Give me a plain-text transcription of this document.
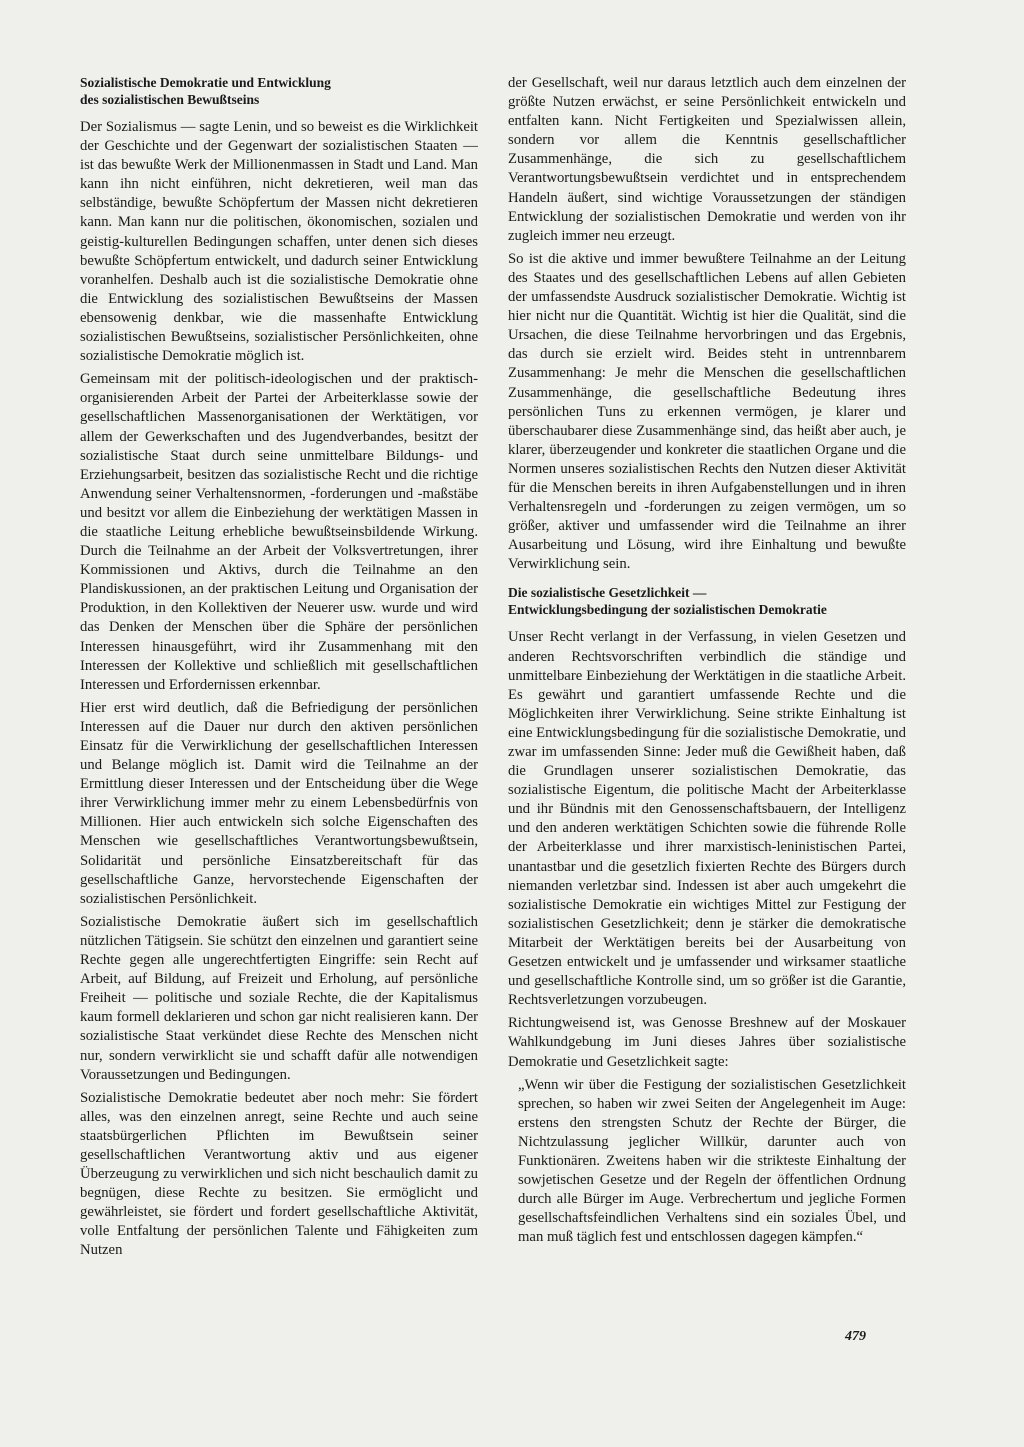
Sozialistische Demokratie und Entwicklung
des sozialistischen Bewußtseins

Der Sozialismus — sagte Lenin, und so beweist es die Wirklichkeit der Geschichte und der Gegenwart der sozialistischen Staaten — ist das bewußte Werk der Millionenmassen in Stadt und Land. Man kann ihn nicht einführen, nicht dekretieren, weil man das selbständige, bewußte Schöpfertum der Massen nicht dekretieren kann. Man kann nur die politischen, ökonomischen, sozialen und geistig-kulturellen Bedingungen schaffen, unter denen sich dieses bewußte Schöpfertum entwickelt, und dadurch seiner Entwicklung voranhelfen. Deshalb auch ist die sozialistische Demokratie ohne die Entwicklung des sozialistischen Bewußtseins der Massen ebensowenig denkbar, wie die massenhafte Entwicklung sozialistischen Bewußtseins, sozialistischer Persönlichkeiten, ohne sozialistische Demokratie möglich ist.

Gemeinsam mit der politisch-ideologischen und der praktisch-organisierenden Arbeit der Partei der Arbeiterklasse sowie der gesellschaftlichen Massenorganisationen der Werktätigen, vor allem der Gewerkschaften und des Jugendverbandes, besitzt der sozialistische Staat durch seine unmittelbare Bildungs- und Erziehungsarbeit, besitzen das sozialistische Recht und die richtige Anwendung seiner Verhaltensnormen, -forderungen und -maßstäbe und besitzt vor allem die Einbeziehung der werktätigen Massen in die staatliche Leitung erhebliche bewußtseinsbildende Wirkung. Durch die Teilnahme an der Arbeit der Volksvertretungen, ihrer Kommissionen und Aktivs, durch die Teilnahme an den Plandiskussionen, an der praktischen Leitung und Organisation der Produktion, in den Kollektiven der Neuerer usw. wurde und wird das Denken der Menschen über die Sphäre der persönlichen Interessen hinausgeführt, wird ihr Zusammenhang mit den Interessen der Kollektive und schließlich mit gesellschaftlichen Interessen und Erfordernissen erkennbar.

Hier erst wird deutlich, daß die Befriedigung der persönlichen Interessen auf die Dauer nur durch den aktiven persönlichen Einsatz für die Verwirklichung der gesellschaftlichen Interessen und Belange möglich ist. Damit wird die Teilnahme an der Ermittlung dieser Interessen und der Entscheidung über die Wege ihrer Verwirklichung immer mehr zu einem Lebensbedürfnis von Millionen. Hier auch entwickeln sich solche Eigenschaften des Menschen wie gesellschaftliches Verantwortungsbewußtsein, Solidarität und persönliche Einsatzbereitschaft für das gesellschaftliche Ganze, hervorstechende Eigenschaften der sozialistischen Persönlichkeit.

Sozialistische Demokratie äußert sich im gesellschaftlich nützlichen Tätigsein. Sie schützt den einzelnen und garantiert seine Rechte gegen alle ungerechtfertigten Eingriffe: sein Recht auf Arbeit, auf Bildung, auf Freizeit und Erholung, auf persönliche Freiheit — politische und soziale Rechte, die der Kapitalismus kaum formell deklarieren und schon gar nicht realisieren kann. Der sozialistische Staat verkündet diese Rechte des Menschen nicht nur, sondern verwirklicht sie und schafft dafür alle notwendigen Voraussetzungen und Bedingungen.

Sozialistische Demokratie bedeutet aber noch mehr: Sie fördert alles, was den einzelnen anregt, seine Rechte und auch seine staatsbürgerlichen Pflichten im Bewußtsein seiner gesellschaftlichen Verantwortung aktiv und aus eigener Überzeugung zu verwirklichen und sich nicht beschaulich damit zu begnügen, diese Rechte zu besitzen. Sie ermöglicht und gewährleistet, sie fördert und fordert gesellschaftliche Aktivität, volle Entfaltung der persönlichen Talente und Fähigkeiten zum Nutzen

der Gesellschaft, weil nur daraus letztlich auch dem einzelnen der größte Nutzen erwächst, er seine Persönlichkeit entwickeln und entfalten kann. Nicht Fertigkeiten und Spezialwissen allein, sondern vor allem die Kenntnis gesellschaftlicher Zusammenhänge, die sich zu gesellschaftlichem Verantwortungsbewußtsein verdichtet und in entsprechendem Handeln äußert, sind wichtige Voraussetzungen der ständigen Entwicklung der sozialistischen Demokratie und werden von ihr zugleich immer neu erzeugt.

So ist die aktive und immer bewußtere Teilnahme an der Leitung des Staates und des gesellschaftlichen Lebens auf allen Gebieten der umfassendste Ausdruck sozialistischer Demokratie. Wichtig ist hier nicht nur die Quantität. Wichtig ist hier die Qualität, sind die Ursachen, die diese Teilnahme hervorbringen und das Ergebnis, das durch sie erzielt wird. Beides steht in untrennbarem Zusammenhang: Je mehr die Menschen die gesellschaftlichen Zusammenhänge, die gesellschaftliche Bedeutung ihres persönlichen Tuns zu erkennen vermögen, je klarer und überschaubarer diese Zusammenhänge sind, das heißt aber auch, je klarer, überzeugender und konkreter die staatlichen Organe und die Normen unseres sozialistischen Rechts den Nutzen dieser Aktivität für die Menschen bereits in ihren Aufgabenstellungen und in ihren Verhaltensregeln und -forderungen zu zeigen vermögen, um so größer, aktiver und umfassender wird die Teilnahme an ihrer Ausarbeitung und Lösung, wird ihre Einhaltung und bewußte Verwirklichung sein.

Die sozialistische Gesetzlichkeit —
Entwicklungsbedingung der sozialistischen Demokratie

Unser Recht verlangt in der Verfassung, in vielen Gesetzen und anderen Rechtsvorschriften verbindlich die ständige und unmittelbare Einbeziehung der Werktätigen in die staatliche Arbeit. Es gewährt und garantiert umfassende Rechte und die Möglichkeiten ihrer Verwirklichung. Seine strikte Einhaltung ist eine Entwicklungsbedingung für die sozialistische Demokratie, und zwar im umfassenden Sinne: Jeder muß die Gewißheit haben, daß die Grundlagen unserer sozialistischen Demokratie, das sozialistische Eigentum, die politische Macht der Arbeiterklasse und ihr Bündnis mit den Genossenschaftsbauern, der Intelligenz und den anderen werktätigen Schichten sowie die führende Rolle der Arbeiterklasse und ihrer marxistisch-leninistischen Partei, unantastbar und die gesetzlich fixierten Rechte des Bürgers durch niemanden verletzbar sind. Indessen ist aber auch umgekehrt die sozialistische Demokratie ein wichtiges Mittel zur Festigung der sozialistischen Gesetzlichkeit; denn je stärker die demokratische Mitarbeit der Werktätigen bereits bei der Ausarbeitung von Gesetzen entwickelt und je umfassender und wirksamer staatliche und gesellschaftliche Kontrolle sind, um so größer ist die Garantie, Rechtsverletzungen vorzubeugen.

Richtungweisend ist, was Genosse Breshnew auf der Moskauer Wahlkundgebung im Juni dieses Jahres über sozialistische Demokratie und Gesetzlichkeit sagte:

„Wenn wir über die Festigung der sozialistischen Gesetzlichkeit sprechen, so haben wir zwei Seiten der Angelegenheit im Auge: erstens den strengsten Schutz der Rechte der Bürger, die Nichtzulassung jeglicher Willkür, darunter auch von Funktionären. Zweitens haben wir die strikteste Einhaltung der sowjetischen Gesetze und der Regeln der öffentlichen Ordnung durch alle Bürger im Auge. Verbrechertum und jegliche Formen gesellschaftsfeindlichen Verhaltens sind ein soziales Übel, und man muß täglich fest und entschlossen dagegen kämpfen.“

479
